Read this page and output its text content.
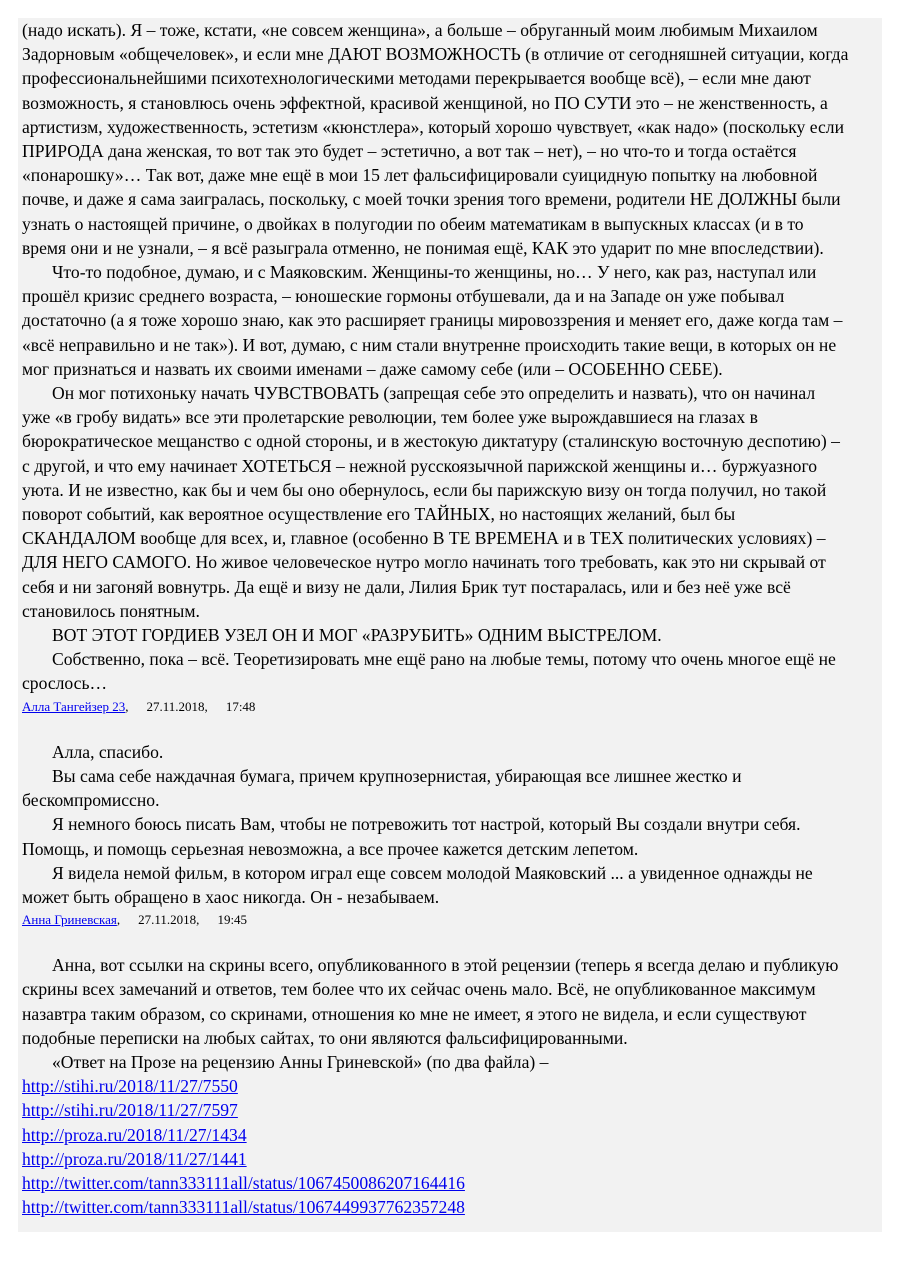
(надо искать). Я – тоже, кстати, «не совсем женщина», а больше – обруганный моим любимым Михаилом

Задорновым «общечеловек», и если мне ДАЮТ ВОЗМОЖНОСТЬ (в отличие от сегодняшней ситуации, когда

профессиональнейшими психотехнологическими методами перекрывается вообще всё), – если мне дают

возможность, я становлюсь очень эффектной, красивой женщиной, но ПО СУТИ это – не женственность, а

артистизм, художественность, эстетизм «кюнстлера», который хорошо чувствует, «как надо» (поскольку если

ПРИРОДА дана женская, то вот так это будет – эстетично, а вот так – нет), – но что-то и тогда остаётся

«понарошку»… Так вот, даже мне ещё в мои 15 лет фальсифицировали суицидную попытку на любовной

почве, и даже я сама заигралась, поскольку, с моей точки зрения того времени, родители НЕ ДОЛЖНЫ были

узнать о настоящей причине, о двойках в полугодии по обеим математикам в выпускных классах (и в то

время они и не узнали, – я всё разыграла отменно, не понимая ещё, КАК это ударит по мне впоследствии).

Что-то подобное, думаю, и с Маяковским. Женщины-то женщины, но… У него, как раз, наступал или

прошёл кризис среднего возраста, – юношеские гормоны отбушевали, да и на Западе он уже побывал

достаточно (а я тоже хорошо знаю, как это расширяет границы мировоззрения и меняет его, даже когда там –

«всё неправильно и не так»). И вот, думаю, с ним стали внутренне происходить такие вещи, в которых он не

мог признаться и назвать их своими именами – даже самому себе (или – ОСОБЕННО СЕБЕ).

Он мог потихоньку начать ЧУВСТВОВАТЬ (запрещая себе это определить и назвать), что он начинал

уже «в гробу видать» все эти пролетарские революции, тем более уже вырождавшиеся на глазах в

бюрократическое мещанство с одной стороны, и в жестокую диктатуру (сталинскую восточную деспотию) –

с другой, и что ему начинает ХОТЕТЬСЯ – нежной русскоязычной парижской женщины и… буржуазного

уюта. И не известно, как бы и чем бы оно обернулось, если бы парижскую визу он тогда получил, но такой

поворот событий, как вероятное осуществление его ТАЙНЫХ, но настоящих желаний, был бы

СКАНДАЛОМ вообще для всех, и, главное (особенно В ТЕ ВРЕМЕНА и в ТЕХ политических условиях) –

ДЛЯ НЕГО САМОГО. Но живое человеческое нутро могло начинать того требовать, как это ни скрывай от

себя и ни загоняй вовнутрь. Да ещё и визу не дали, Лилия Брик тут постаралась, или и без неё уже всё

становилось понятным.

ВОТ ЭТОТ ГОРДИЕВ УЗЕЛ ОН И МОГ «РАЗРУБИТЬ» ОДНИМ ВЫСТРЕЛОМ.

Собственно, пока – всё. Теоретизировать мне ещё рано на любые темы, потому что очень многое ещё не

срослось…

Алла Тангейзер 23, 27.11.2018, 17:48

Алла, спасибо.

Вы сама себе наждачная бумага, причем крупнозернистая, убирающая все лишнее жестко и

бескомпромиссно.

Я немного боюсь писать Вам, чтобы не потревожить тот настрой, который Вы создали внутри себя.

Помощь, и помощь серьезная невозможна, а все прочее кажется детским лепетом.

Я видела немой фильм, в котором играл еще совсем молодой Маяковский ... а увиденное однажды не

может быть обращено в хаос никогда. Он - незабываем.

Анна Гриневская, 27.11.2018, 19:45

Анна, вот ссылки на скрины всего, опубликованного в этой рецензии (теперь я всегда делаю и публикую

скрины всех замечаний и ответов, тем более что их сейчас очень мало. Всё, не опубликованное максимум

назавтра таким образом, со скринами, отношения ко мне не имеет, я этого не видела, и если существуют

подобные переписки на любых сайтах, то они являются фальсифицированными.

«Ответ на Прозе на рецензию Анны Гриневской» (по два файла) –

http://stihi.ru/2018/11/27/7550
http://stihi.ru/2018/11/27/7597
http://proza.ru/2018/11/27/1434
http://proza.ru/2018/11/27/1441
http://twitter.com/tann333111all/status/1067450086207164416
http://twitter.com/tann333111all/status/1067449937762357248
